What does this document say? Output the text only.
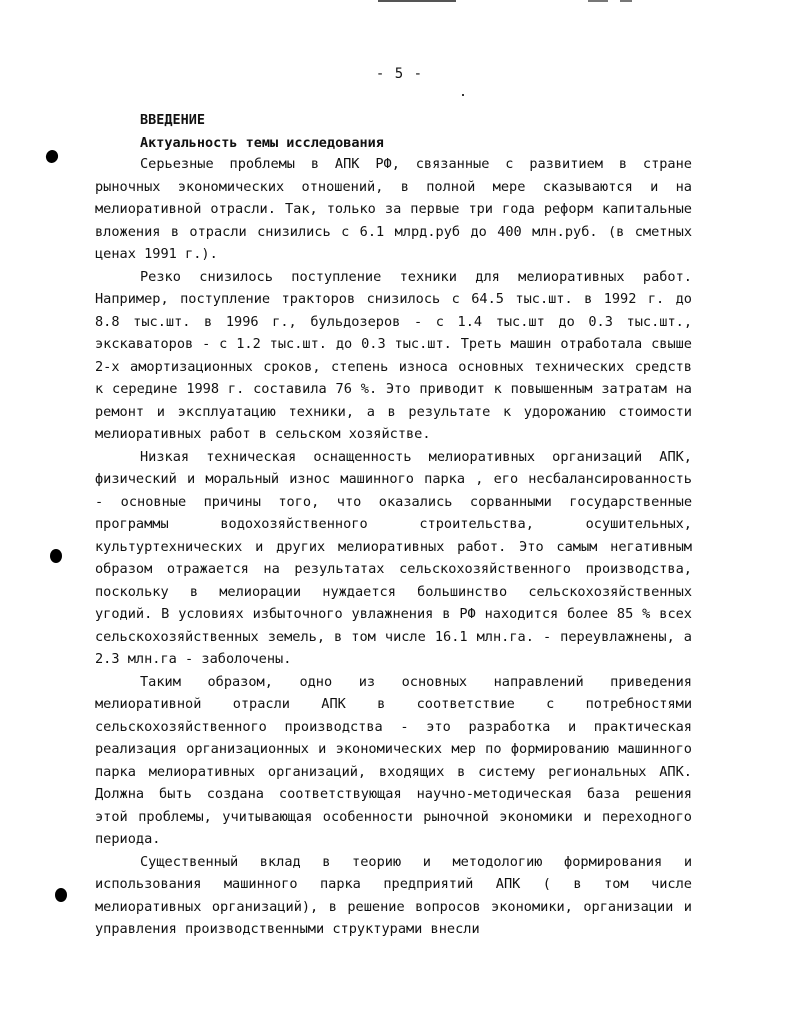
- 5 -
ВВЕДЕНИЕ
Актуальность темы исследования

Серьезные проблемы в АПК РФ, связанные с развитием в стране рыночных экономических отношений, в полной мере сказываются и на мелиоративной отрасли. Так, только за первые три года реформ капитальные вложения в отрасли снизились с 6.1 млрд.руб до 400 млн.руб. (в сметных ценах 1991 г.).

Резко снизилось поступление техники для мелиоративных работ. Например, поступление тракторов снизилось с 64.5 тыс.шт. в 1992 г. до 8.8 тыс.шт. в 1996 г., бульдозеров - с 1.4 тыс.шт до 0.3 тыс.шт., экскаваторов - с 1.2 тыс.шт. до 0.3 тыс.шт. Треть машин отработала свыше 2-х амортизационных сроков, степень износа основных технических средств к середине 1998 г. составила 76 %. Это приводит к повышенным затратам на ремонт и эксплуатацию техники, а в результате к удорожанию стоимости мелиоративных работ в сельском хозяйстве.

Низкая техническая оснащенность мелиоративных организаций АПК, физический и моральный износ машинного парка , его несбалансированность - основные причины того, что оказались сорванными государственные программы водохозяйственного строительства, осушительных, культуртехнических и других мелиоративных работ. Это самым негативным образом отражается на результатах сельскохозяйственного производства, поскольку в мелиорации нуждается большинство сельскохозяйственных угодий. В условиях избыточного увлажнения в РФ находится более 85 % всех сельскохозяйственных земель, в том числе 16.1 млн.га. - переувлажнены, а 2.3 млн.га - заболочены.

Таким образом, одно из основных направлений приведения мелиоративной отрасли АПК в соответствие с потребностями сельскохозяйственного производства - это разработка и практическая реализация организационных и экономических мер по формированию машинного парка мелиоративных организаций, входящих в систему региональных АПК. Должна быть создана соответствующая научно-методическая база решения этой проблемы, учитывающая особенности рыночной экономики и переходного периода.

Существенный вклад в теорию и методологию формирования и использования машинного парка предприятий АПК ( в том числе мелиоративных организаций), в решение вопросов экономики, организации и управления производственными структурами внесли
